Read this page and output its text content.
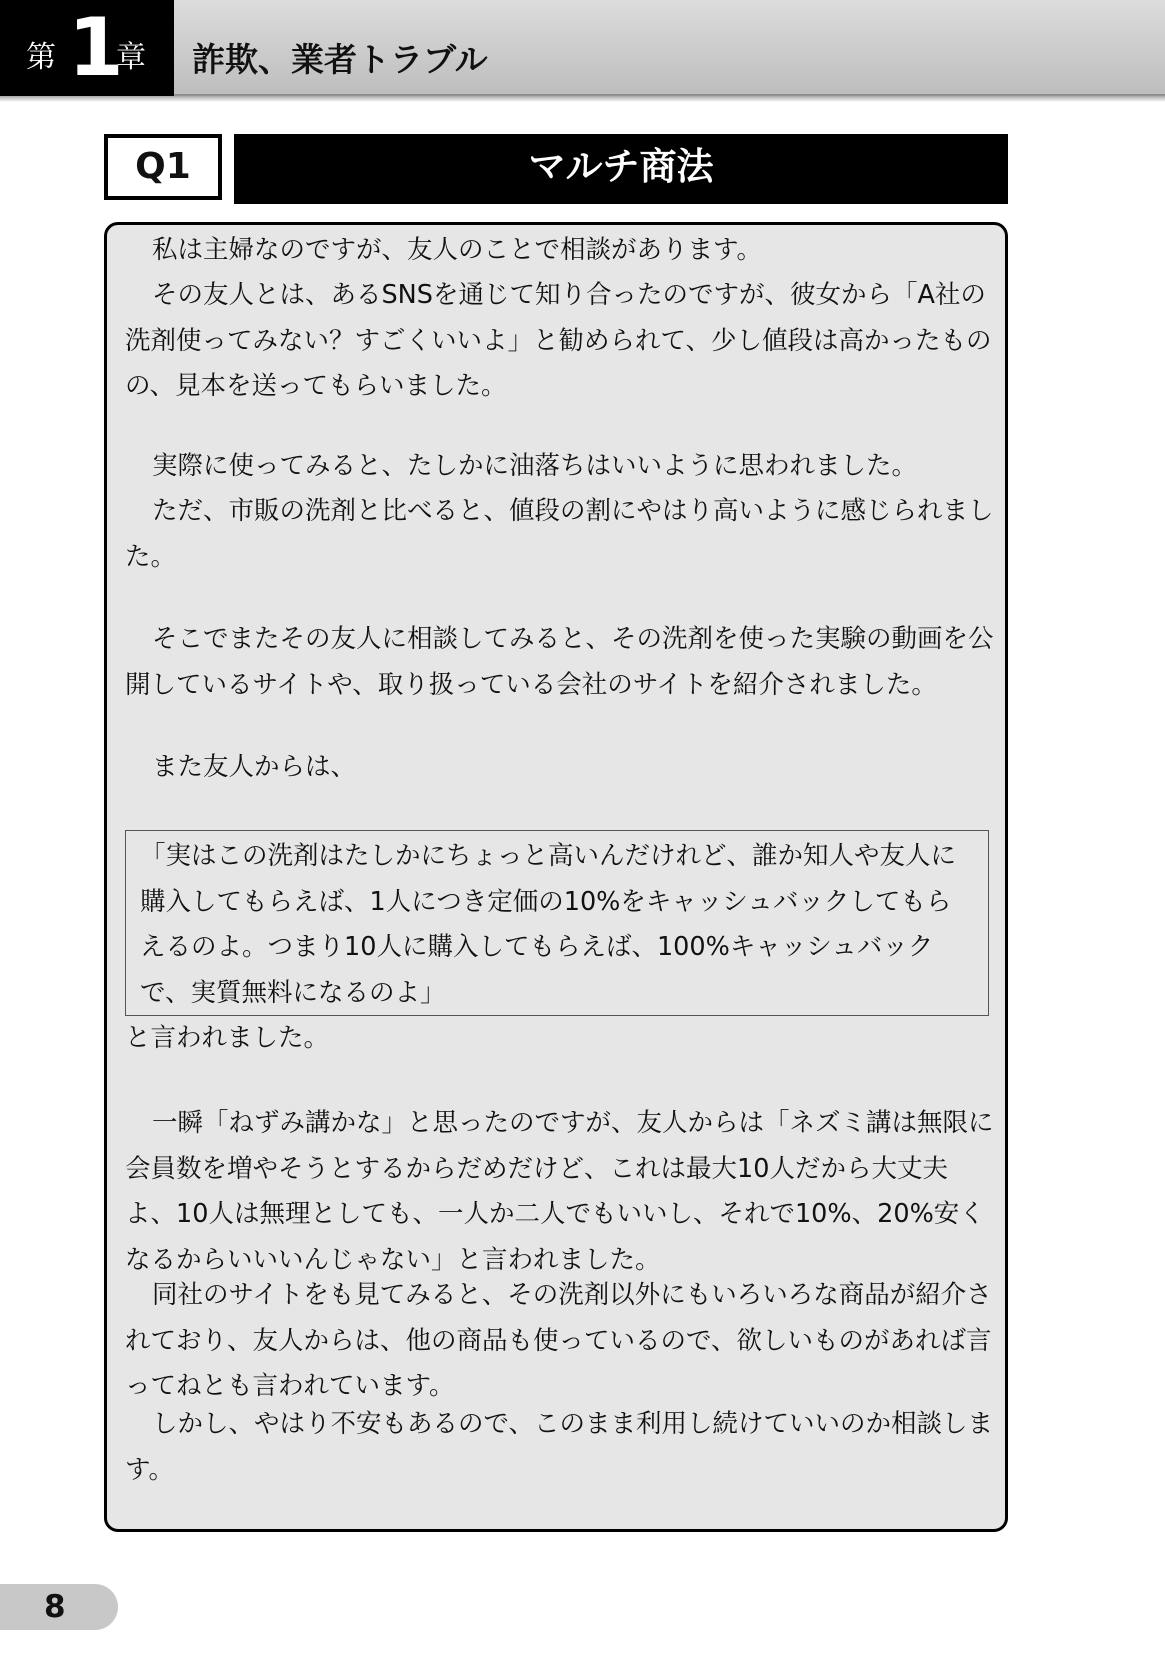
第 1
章 詐欺、業者トラブル
Q1	マルチ商法

私は主婦なのですが、友人のことで相談があります。

その友人とは、あるSNSを通じて知り合ったのですが、彼女から「A社の洗剤使ってみない？すごくいいよ」と勧められて、少し値段は高かったものの、見本を送ってもらいました。

実際に使ってみると、たしかに油落ちはいいように思われました。

ただ、市販の洗剤と比べると、値段の割にやはり高いように感じられました。

そこでまたその友人に相談してみると、その洗剤を使った実験の動画を公開しているサイトや、取り扱っている会社のサイトを紹介されました。

また友人からは、

「実はこの洗剤はたしかにちょっと高いんだけれど、誰か知人や友人に購入してもらえば、1人につき定価の10%をキャッシュバックしてもらえるのよ。つまり10人に購入してもらえば、100%キャッシュバックで、実質無料になるのよ」

と言われました。

一瞬「ねずみ講かな」と思ったのですが、友人からは「ネズミ講は無限に会員数を増やそうとするからだめだけど、これは最大10人だから大丈夫よ、10人は無理としても、一人か二人でもいいし、それで10%、20%安くなるからいいいんじゃない」と言われました。

同社のサイトをも見てみると、その洗剤以外にもいろいろな商品が紹介されており、友人からは、他の商品も使っているので、欲しいものがあれば言ってねとも言われています。

しかし、やはり不安もあるので、このまま利用し続けていいのか相談します。

8
